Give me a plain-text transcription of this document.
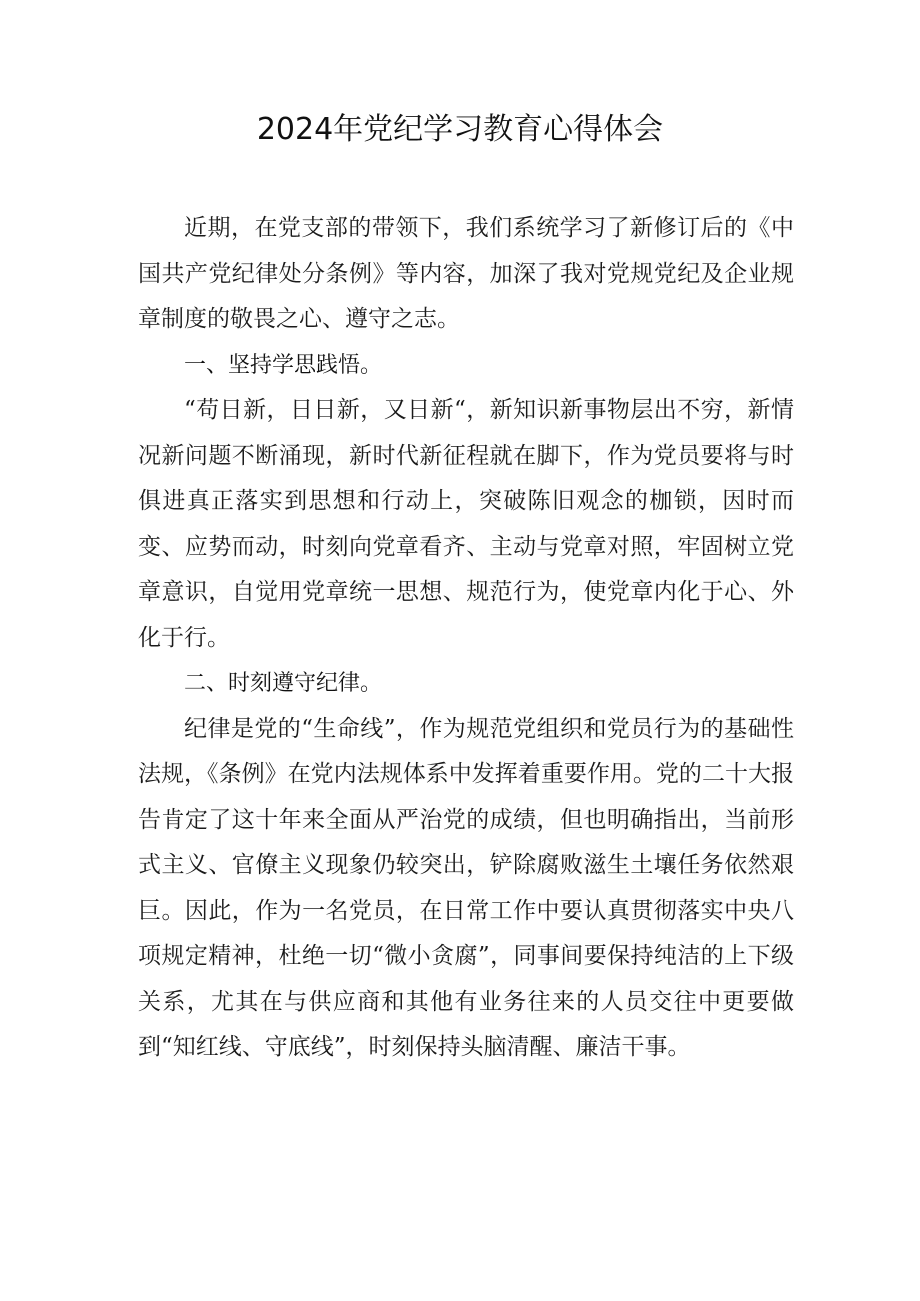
2024年党纪学习教育心得体会

近期，在党支部的带领下，我们系统学习了新修订后的《中国共产党纪律处分条例》等内容，加深了我对党规党纪及企业规章制度的敬畏之心、遵守之志。

一、坚持学思践悟。

“苟日新，日日新，又日新“，新知识新事物层出不穷，新情况新问题不断涌现，新时代新征程就在脚下，作为党员要将与时俱进真正落实到思想和行动上，突破陈旧观念的枷锁，因时而变、应势而动，时刻向党章看齐、主动与党章对照，牢固树立党章意识，自觉用党章统一思想、规范行为，使党章内化于心、外化于行。

二、时刻遵守纪律。

纪律是党的“生命线”，作为规范党组织和党员行为的基础性法规，《条例》在党内法规体系中发挥着重要作用。党的二十大报告肯定了这十年来全面从严治党的成绩，但也明确指出，当前形式主义、官僚主义现象仍较突出，铲除腐败滋生土壤任务依然艰巨。因此，作为一名党员，在日常工作中要认真贯彻落实中央八项规定精神，杜绝一切“微小贪腐”，同事间要保持纯洁的上下级关系，尤其在与供应商和其他有业务往来的人员交往中更要做到“知红线、守底线”，时刻保持头脑清醒、廉洁干事。
